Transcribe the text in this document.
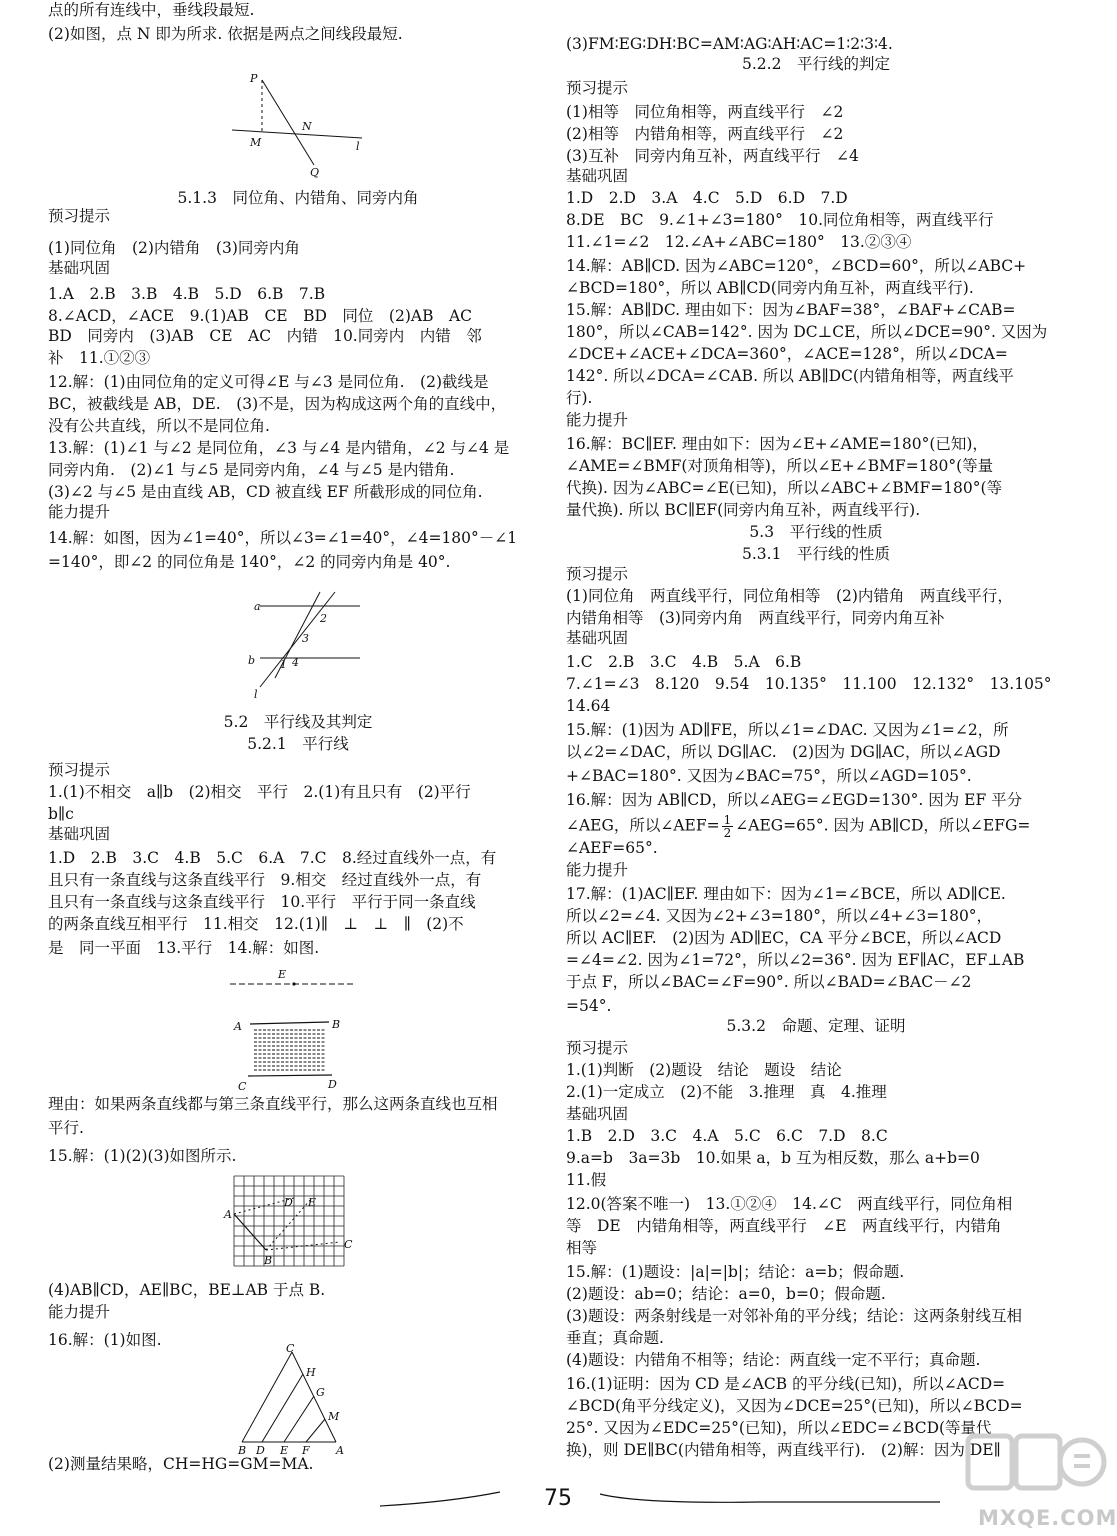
点的所有连线中，垂线段最短.
(2)如图，点 N 即为所求. 依据是两点之间线段最短.
5.1.3　同位角、内错角、同旁内角
预习提示
(1)同位角　(2)内错角　(3)同旁内角
基础巩固
1.A　2.B　3.B　4.B　5.D　6.B　7.B
8.∠ACD，∠ACE　9.(1)AB　CE　BD　同位　(2)AB　AC
BD　同旁内　(3)AB　CE　AC　内错　10.同旁内　内错　邻
补　11.①②③
12.解：(1)由同位角的定义可得∠E 与∠3 是同位角.　(2)截线是
BC，被截线是 AB，DE.　(3)不是，因为构成这两个角的直线中，
没有公共直线，所以不是同位角.
13.解：(1)∠1 与∠2 是同位角，∠3 与∠4 是内错角，∠2 与∠4 是
同旁内角.　(2)∠1 与∠5 是同旁内角，∠4 与∠5 是内错角.
(3)∠2 与∠5 是由直线 AB，CD 被直线 EF 所截形成的同位角.
能力提升
14.解：如图，因为∠1=40°，所以∠3=∠1=40°，∠4=180°－∠1
=140°，即∠2 的同位角是 140°，∠2 的同旁内角是 40°.
5.2　平行线及其判定
5.2.1　平行线
预习提示
1.(1)不相交　a∥b　(2)相交　平行　2.(1)有且只有　(2)平行
b∥c
基础巩固
1.D　2.B　3.C　4.B　5.C　6.A　7.C　8.经过直线外一点，有
且只有一条直线与这条直线平行　9.相交　经过直线外一点，有
且只有一条直线与这条直线平行　10.平行　平行于同一条直线
的两条直线互相平行　11.相交　12.(1)∥　⊥　⊥　∥　(2)不
是　同一平面　13.平行　14.解：如图.
理由：如果两条直线都与第三条直线平行，那么这两条直线也互相
平行.
15.解：(1)(2)(3)如图所示.
(4)AB∥CD，AE∥BC，BE⊥AB 于点 B.
能力提升
16.解：(1)如图.
(2)测量结果略，CH=HG=GM=MA.
(3)FM∶EG∶DH∶BC=AM∶AG∶AH∶AC=1∶2∶3∶4.
5.2.2　平行线的判定
预习提示
(1)相等　同位角相等，两直线平行　∠2
(2)相等　内错角相等，两直线平行　∠2
(3)互补　同旁内角互补，两直线平行　∠4
基础巩固
1.D　2.D　3.A　4.C　5.D　6.D　7.D
8.DE　BC　9.∠1+∠3=180°　10.同位角相等，两直线平行
11.∠1=∠2　12.∠A+∠ABC=180°　13.②③④
14.解：AB∥CD. 因为∠ABC=120°，∠BCD=60°，所以∠ABC+
∠BCD=180°，所以 AB∥CD(同旁内角互补，两直线平行).
15.解：AB∥DC. 理由如下：因为∠BAF=38°，∠BAF+∠CAB=
180°，所以∠CAB=142°. 因为 DC⊥CE，所以∠DCE=90°. 又因为
∠DCE+∠ACE+∠DCA=360°，∠ACE=128°，所以∠DCA=
142°. 所以∠DCA=∠CAB. 所以 AB∥DC(内错角相等，两直线平
行).
能力提升
16.解：BC∥EF. 理由如下：因为∠E+∠AME=180°(已知)，
∠AME=∠BMF(对顶角相等)，所以∠E+∠BMF=180°(等量
代换). 因为∠ABC=∠E(已知)，所以∠ABC+∠BMF=180°(等
量代换). 所以 BC∥EF(同旁内角互补，两直线平行).
5.3　平行线的性质
5.3.1　平行线的性质
预习提示
(1)同位角　两直线平行，同位角相等　(2)内错角　两直线平行，
内错角相等　(3)同旁内角　两直线平行，同旁内角互补
基础巩固
1.C　2.B　3.C　4.B　5.A　6.B
7.∠1=∠3　8.120　9.54　10.135°　11.100　12.132°　13.105°
14.64
15.解：(1)因为 AD∥FE，所以∠1=∠DAC. 又因为∠1=∠2，所
以∠2=∠DAC，所以 DG∥AC.　(2)因为 DG∥AC，所以∠AGD
+∠BAC=180°. 又因为∠BAC=75°，所以∠AGD=105°.
16.解：因为 AB∥CD，所以∠AEG=∠EGD=130°. 因为 EF 平分
∠AEG，所以∠AEF= $\frac{1}{2}$ ∠AEG=65°. 因为 AB∥CD，所以∠EFG=
∠AEF=65°.
能力提升
17.解：(1)AC∥EF. 理由如下：因为∠1=∠BCE，所以 AD∥CE.
所以∠2=∠4. 又因为∠2+∠3=180°，所以∠4+∠3=180°，
所以 AC∥EF.　(2)因为 AD∥EC，CA 平分∠BCE，所以∠ACD
=∠4=∠2. 因为∠1=72°，所以∠2=36°. 因为 EF∥AC，EF⊥AB
于点 F，所以∠BAC=∠F=90°. 所以∠BAD=∠BAC－∠2
=54°.
5.3.2　命题、定理、证明
预习提示
1.(1)判断　(2)题设　结论　题设　结论
2.(1)一定成立　(2)不能　3.推理　真　4.推理
基础巩固
1.B　2.D　3.C　4.A　5.C　6.C　7.D　8.C
9.a=b　3a=3b　10.如果 a，b 互为相反数，那么 a+b=0
11.假
12.0(答案不唯一)　13.①②④　14.∠C　两直线平行，同位角相
等　DE　内错角相等，两直线平行　∠E　两直线平行，内错角
相等
15.解：(1)题设：|a|=|b|；结论：a=b；假命题.
(2)题设：ab=0；结论：a=0，b=0；假命题.
(3)题设：两条射线是一对邻补角的平分线；结论：这两条射线互相
垂直；真命题.
(4)题设：内错角不相等；结论：两直线一定不平行；真命题.
16.(1)证明：因为 CD 是∠ACB 的平分线(已知)，所以∠ACD=
∠BCD(角平分线定义)，又因为∠DCE=25°(已知)，所以∠BCD=
25°. 又因为∠EDC=25°(已知)，所以∠EDC=∠BCD(等量代
换)，则 DE∥BC(内错角相等，两直线平行).　(2)解：因为 DE∥
P
M
N
l
Q
a
b
l
1
2
3
4
E
A	B
C	D
A
B
C
D E
C
H
G
M
A
B D E F
75
MXQE.COM
